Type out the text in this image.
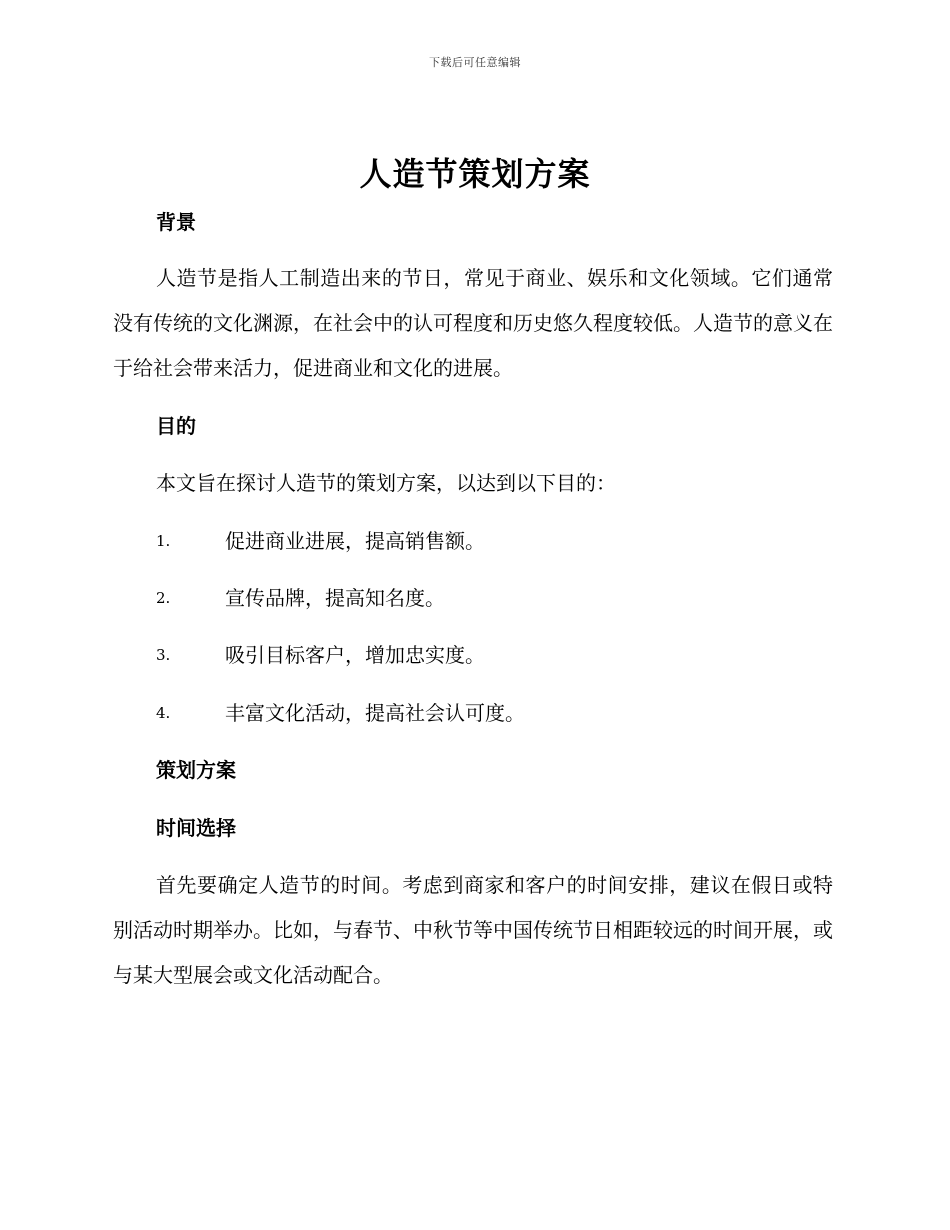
下载后可任意编辑
人造节策划方案
背景

人造节是指人工制造出来的节日，常见于商业、娱乐和文化领域。它们通常没有传统的文化渊源，在社会中的认可程度和历史悠久程度较低。人造节的意义在于给社会带来活力，促进商业和文化的进展。

目的

本文旨在探讨人造节的策划方案，以达到以下目的：

1.	促进商业进展，提高销售额。
2.	宣传品牌，提高知名度。
3.	吸引目标客户，增加忠实度。
4.	丰富文化活动，提高社会认可度。
策划方案
时间选择

首先要确定人造节的时间。考虑到商家和客户的时间安排，建议在假日或特别活动时期举办。比如，与春节、中秋节等中国传统节日相距较远的时间开展，或与某大型展会或文化活动配合。
